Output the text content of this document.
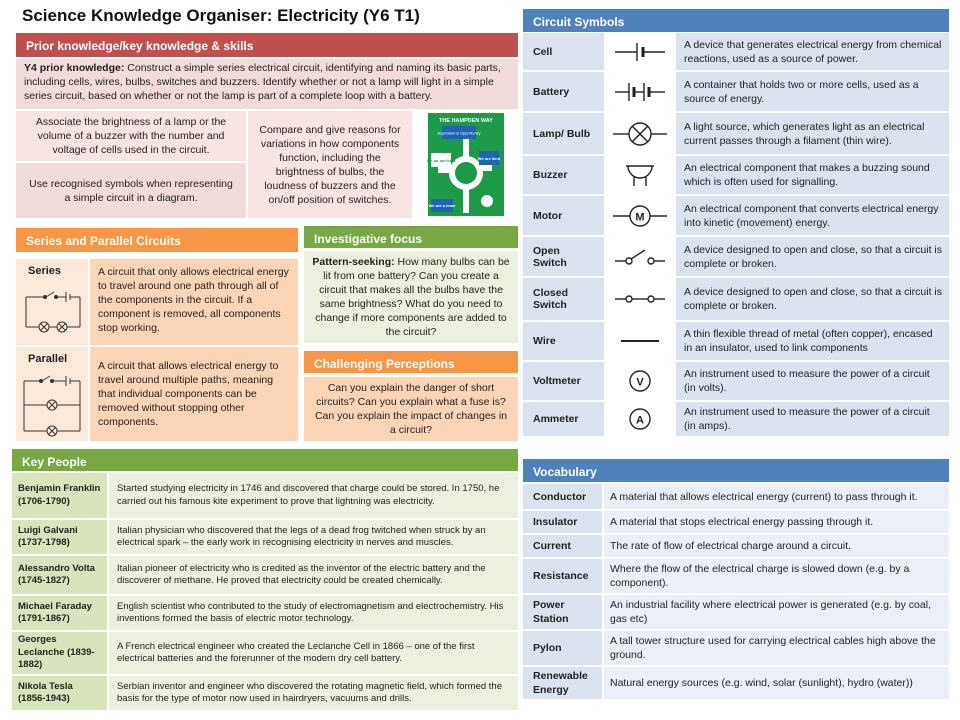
Science Knowledge Organiser: Electricity (Y6 T1)
Prior knowledge/key knowledge & skills
Y4 prior knowledge: Construct a simple series electrical circuit, identifying and naming its basic parts, including cells, wires, bulbs, switches and buzzers. Identify whether or not a lamp will light in a simple series circuit, based on whether or not the lamp is part of a complete loop with a battery.
Associate the brightness of a lamp or the volume of a buzzer with the number and voltage of cells used in the circuit.
Use recognised symbols when representing a simple circuit in a diagram.
Compare and give reasons for variations in how components function, including the brightness of bulbs, the loudness of buzzers and the on/off position of switches.
THE HAMPDEN WAY
Aspiration & Opportunity
We do our best	We are kind
We are a team
Series and Parallel Circuits
Series	A circuit that only allows electrical energy to travel around one path through all of the components in the circuit. If a component is removed, all components stop working.
Parallel
A circuit that allows electrical energy to travel around multiple paths, meaning that individual components can be removed without stopping other components.
Investigative focus
Pattern-seeking: How many bulbs can be lit from one battery? Can you create a circuit that makes all the bulbs have the same brightness? What do you need to change if more components are added to the circuit?
Challenging Perceptions
Can you explain the danger of short circuits? Can you explain what a fuse is? Can you explain the impact of changes in a circuit?
Key People
Benjamin Franklin (1706-1790)	Started studying electricity in 1746 and discovered that charge could be stored. In 1750, he carried out his famous kite experiment to prove that lightning was electricity.
Luigi Galvani (1737-1798)	Italian physician who discovered that the legs of a dead frog twitched when struck by an electrical spark – the early work in recognising electricity in nerves and muscles.
Alessandro Volta (1745-1827)	Italian pioneer of electricity who is credited as the inventor of the electric battery and the discoverer of methane. He proved that electricity could be created chemically.
Michael Faraday (1791-1867)	English scientist who contributed to the study of electromagnetism and electrochemistry. His inventions formed the basis of electric motor technology.
Georges Leclanche (1839-1882)	A French electrical engineer who created the Leclanche Cell in 1866 – one of the first electrical batteries and the forerunner of the modern dry cell battery.
Nikola Tesla (1856-1943)	Serbian inventor and engineer who discovered the rotating magnetic field, which formed the basis for the type of motor now used in hairdryers, vacuums and drills.
Circuit Symbols
Cell		A device that generates electrical energy from chemical reactions, used as a source of power.
Battery		A container that holds two or more cells, used as a source of energy.
Lamp/ Bulb		A light source, which generates light as an electrical current passes through a filament (thin wire).
Buzzer		An electrical component that makes a buzzing sound which is often used for signalling.
Motor	M	An electrical component that converts electrical energy into kinetic (movement) energy.
Open Switch		A device designed to open and close, so that a circuit is complete or broken.
Closed Switch		A device designed to open and close, so that a circuit is complete or broken.
Wire		A thin flexible thread of metal (often copper), encased in an insulator, used to link components
Voltmeter	V	An instrument used to measure the power of a circuit (in volts).
Ammeter	A	An instrument used to measure the power of a circuit (in amps).
Vocabulary
Conductor	A material that allows electrical energy (current) to pass through it.
Insulator	A material that stops electrical energy passing through it.
Current	The rate of flow of electrical charge around a circuit.
Resistance	Where the flow of the electrical charge is slowed down (e.g. by a component).
Power Station	An industrial facility where electrical power is generated (e.g. by coal, gas etc)
Pylon	A tall tower structure used for carrying electrical cables high above the ground.
Renewable Energy	Natural energy sources (e.g. wind, solar (sunlight), hydro (water))
